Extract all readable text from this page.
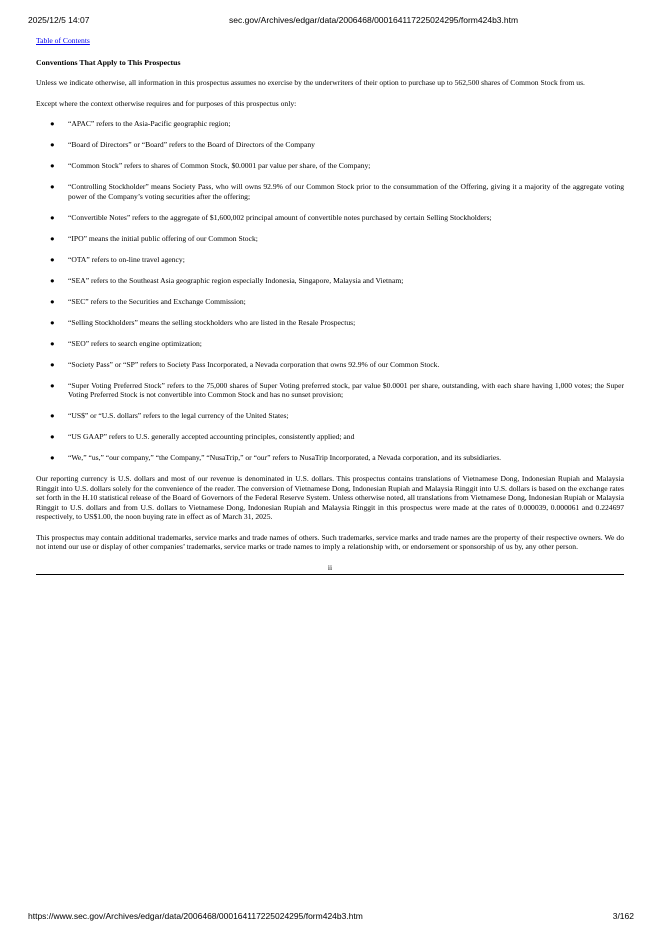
2025/12/5 14:07	sec.gov/Archives/edgar/data/2006468/000164117225024295/form424b3.htm
Table of Contents
Conventions That Apply to This Prospectus

Unless we indicate otherwise, all information in this prospectus assumes no exercise by the underwriters of their option to purchase up to 562,500 shares of Common Stock from us.

Except where the context otherwise requires and for purposes of this prospectus only:

● “APAC” refers to the Asia-Pacific geographic region;
● “Board of Directors” or “Board” refers to the Board of Directors of the Company
● “Common Stock” refers to shares of Common Stock, $0.0001 par value per share, of the Company;
● “Controlling Stockholder” means Society Pass, who will owns 92.9% of our Common Stock prior to the consummation of the Offering, giving it a majority of the aggregate voting power of the Company’s voting securities after the offering;
● “Convertible Notes” refers to the aggregate of $1,600,002 principal amount of convertible notes purchased by certain Selling Stockholders;
● “IPO” means the initial public offering of our Common Stock;
● “OTA” refers to on-line travel agency;
● “SEA” refers to the Southeast Asia geographic region especially Indonesia, Singapore, Malaysia and Vietnam;
● “SEC” refers to the Securities and Exchange Commission;
● “Selling Stockholders” means the selling stockholders who are listed in the Resale Prospectus;
● “SEO” refers to search engine optimization;
● “Society Pass” or “SP” refers to Society Pass Incorporated, a Nevada corporation that owns 92.9% of our Common Stock.
● “Super Voting Preferred Stock” refers to the 75,000 shares of Super Voting preferred stock, par value $0.0001 per share, outstanding, with each share having 1,000 votes; the Super Voting Preferred Stock is not convertible into Common Stock and has no sunset provision;
● “US$” or “U.S. dollars” refers to the legal currency of the United States;
● “US GAAP” refers to U.S. generally accepted accounting principles, consistently applied; and
● “We,” “us,” “our company,” “the Company,” “NusaTrip,” or “our” refers to NusaTrip Incorporated, a Nevada corporation, and its subsidiaries.

Our reporting currency is U.S. dollars and most of our revenue is denominated in U.S. dollars. This prospectus contains translations of Vietnamese Dong, Indonesian Rupiah and Malaysia Ringgit into U.S. dollars solely for the convenience of the reader. The conversion of Vietnamese Dong, Indonesian Rupiah and Malaysia Ringgit into U.S. dollars is based on the exchange rates set forth in the H.10 statistical release of the Board of Governors of the Federal Reserve System. Unless otherwise noted, all translations from Vietnamese Dong, Indonesian Rupiah or Malaysia Ringgit to U.S. dollars and from U.S. dollars to Vietnamese Dong, Indonesian Rupiah and Malaysia Ringgit in this prospectus were made at the rates of 0.000039, 0.000061 and 0.224697 respectively, to US$1.00, the noon buying rate in effect as of March 31, 2025.

This prospectus may contain additional trademarks, service marks and trade names of others. Such trademarks, service marks and trade names are the property of their respective owners. We do not intend our use or display of other companies’ trademarks, service marks or trade names to imply a relationship with, or endorsement or sponsorship of us by, any other person.

ii
https://www.sec.gov/Archives/edgar/data/2006468/000164117225024295/form424b3.htm	3/162
